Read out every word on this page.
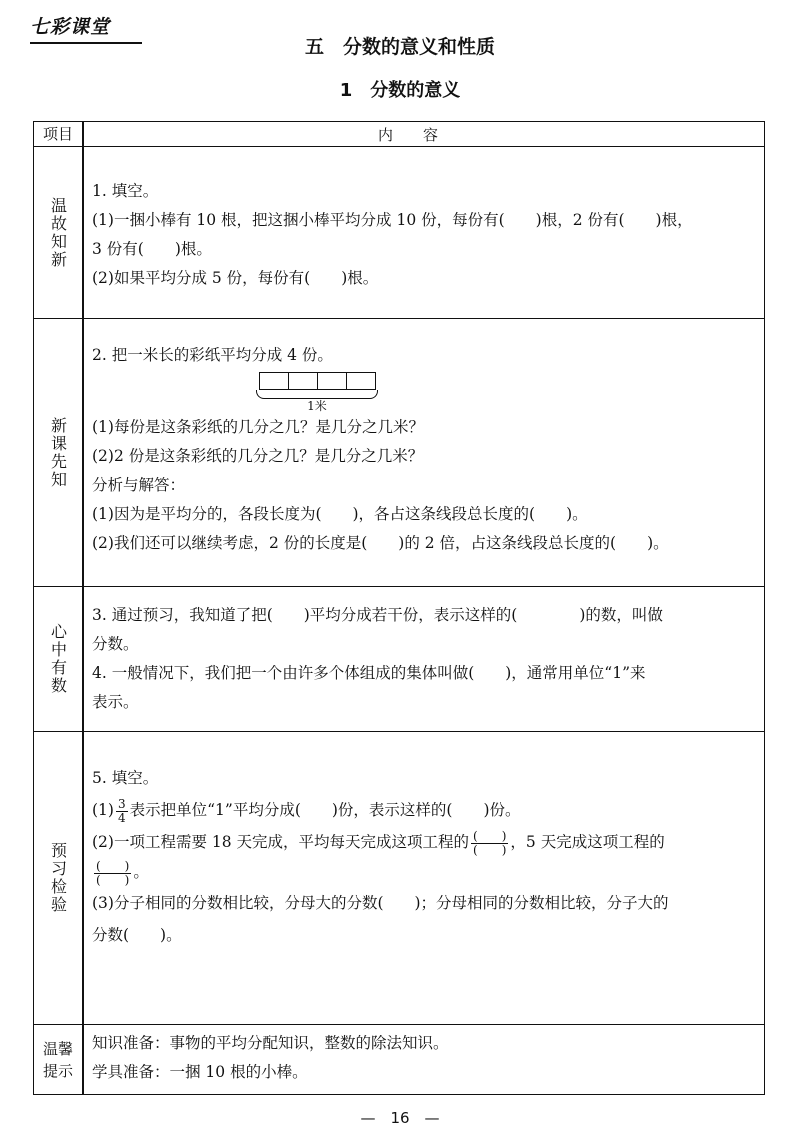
七彩课堂
五　分数的意义和性质
1　分数的意义
项目	内容
温故知新

1. 填空。

(1)一捆小棒有 10 根，把这捆小棒平均分成 10 份，每份有(　　)根，2 份有(　　)根，

3 份有(　　)根。

(2)如果平均分成 5 份，每份有(　　)根。

新课先知

2. 把一米长的彩纸平均分成 4 份。

1米

(1)每份是这条彩纸的几分之几？是几分之几米？

(2)2 份是这条彩纸的几分之几？是几分之几米？

分析与解答：

(1)因为是平均分的，各段长度为(　　)，各占这条线段总长度的(　　)。

(2)我们还可以继续考虑，2 份的长度是(　　)的 2 倍，占这条线段总长度的(　　)。

心中有数

3. 通过预习，我知道了把(　　)平均分成若干份，表示这样的(　　　　)的数，叫做

分数。

4. 一般情况下，我们把一个由许多个体组成的集体叫做(　　)，通常用单位“1”来

表示。

预习检验

5. 填空。

$(1) \frac{3}{4}$ 表示把单位“1”平均分成(　　)份，表示这样的(　　)份。

(2)一项工程需要 18 天完成，平均每天完成这项工程的 $\frac{( )}{( )}$ ，5 天完成这项工程的

$\frac{( )}{( )}$ 。

(3)分子相同的分数相比较，分母大的分数(　　)；分母相同的分数相比较，分子大的

分数(　　)。

温馨提示

知识准备：事物的平均分配知识，整数的除法知识。

学具准备：一捆 10 根的小棒。

—　16　—
